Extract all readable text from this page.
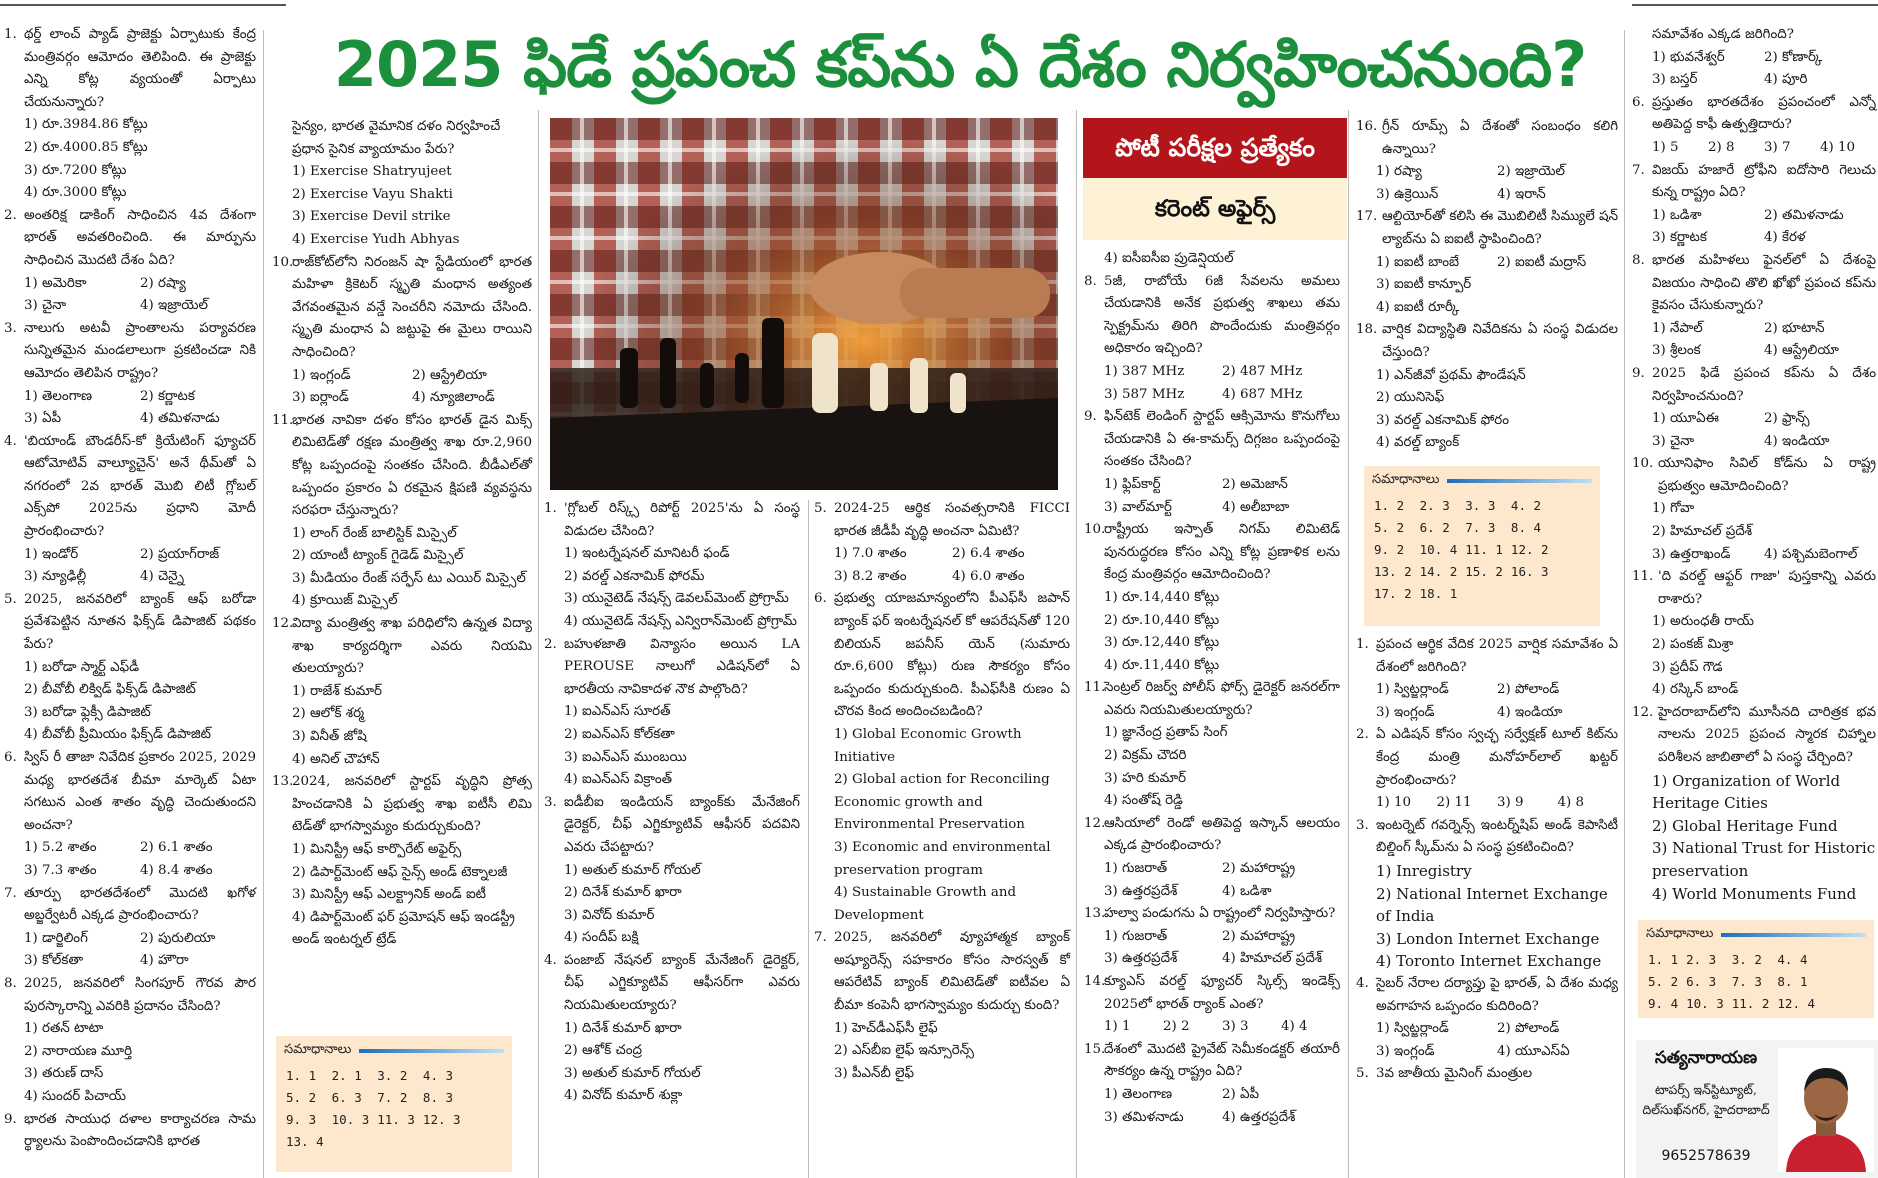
2025 ఫిడే ప్రపంచ కప్‌ను ఏ దేశం నిర్వహించనుంది?
పోటీ పరీక్షల ప్రత్యేకం
కరెంట్‌ అఫైర్స్‌
1. థర్డ్ లాంచ్ ప్యాడ్ ప్రాజెక్టు ఏర్పాటుకు కేంద్ర మంత్రివర్గం ఆమోదం తెలిపింది. ఈ ప్రాజెక్టు ఎన్ని కోట్ల వ్యయంతో ఏర్పాటు చేయనున్నారు?

1) రూ.3984.86 కోట్లు

2) రూ.4000.85 కోట్లు

3) రూ.7200 కోట్లు

4) రూ.3000 కోట్లు

2. అంతరిక్ష డాకింగ్ సాధించిన 4వ దేశంగా భారత్ అవతరించింది. ఈ మార్పును సాధించిన మొదటి దేశం ఏది?
1) అమెరికా	2) రష్యా
3) చైనా	4) ఇజ్రాయెల్
3. నాలుగు అటవీ ప్రాంతాలను పర్యావరణ సున్నితమైన మండలాలుగా ప్రకటించడా నికి ఆమోదం తెలిపిన రాష్ట్రం?
1) తెలంగాణ	2) కర్ణాటక
3) ఏపీ	4) తమిళనాడు
4. 'బియాండ్ బౌండరీస్-కో క్రియేటింగ్ ఫ్యూచర్ ఆటోమోటివ్ వాల్యూచైన్' అనే థీమ్‌తో ఏ నగరంలో 2వ భారత్ మొబి లిటీ గ్లోబల్ ఎక్స్‌పో 2025ను ప్రధాని మోదీ ప్రారంభించారు?
1) ఇండోర్	2) ప్రయాగ్‌రాజ్
3) న్యూఢిల్లీ	4) చెన్నై
5. 2025, జనవరిలో బ్యాంక్ ఆఫ్ బరోడా ప్రవేశపెట్టిన నూతన ఫిక్స్‌డ్ డిపాజిట్ పథకం పేరు?

1) బరోడా స్మార్ట్ ఎఫ్‌డీ

2) బీవోబీ లిక్విడ్ ఫిక్స్‌డ్ డిపాజిట్

3) బరోడా ఫ్లెక్సీ డిపాజిట్

4) బీవోబీ ప్రీమియం ఫిక్స్‌డ్ డిపాజిట్

6. స్విస్ రీ తాజా నివేదిక ప్రకారం 2025, 2029 మధ్య భారతదేశ బీమా మార్కెట్ ఏటా సగటున ఎంత శాతం వృద్ధి చెందుతుందని అంచనా?
1) 5.2 శాతం	2) 6.1 శాతం
3) 7.3 శాతం	4) 8.4 శాతం
7. తూర్పు భారతదేశంలో మొదటి ఖగోళ అబ్జర్వేటరీ ఎక్కడ ప్రారంభించారు?
1) డార్జిలింగ్	2) పురులియా
3) కోల్‌కతా	4) హౌరా
8. 2025, జనవరిలో సింగపూర్ గౌరవ పౌర పురస్కారాన్ని ఎవరికి ప్రదానం చేసింది?

1) రతన్ టాటా

2) నారాయణ మూర్తి

3) తరుణ్ దాస్

4) సుందర్ పిచాయ్

9. భారత సాయుధ దళాల కార్యాచరణ సామ ర్థ్యాలను పెంపొందించడానికి భారత

సైన్యం, భారత వైమానిక దళం నిర్వహించే ప్రధాన సైనిక వ్యాయామం పేరు?

1) Exercise Shatryujeet

2) Exercise Vayu Shakti

3) Exercise Devil strike

4) Exercise Yudh Abhyas

10.
రాజ్‌కోట్‌లోని నిరంజన్ షా స్టేడియంలో భారత మహిళా క్రికెటర్ స్మృతి మంధాన అత్యంత వేగవంతమైన వన్డే సెంచరీని నమోదు చేసింది. స్మృతి మంధాన ఏ జట్టుపై ఈ మైలు రాయిని సాధించింది?
1) ఇంగ్లండ్	2) ఆస్ట్రేలియా
3) ఐర్లాండ్	4) న్యూజిలాండ్
11.
భారత నావికా దళం కోసం భారత్ డైన మిక్స్ లిమిటెడ్‌తో రక్షణ మంత్రిత్వ శాఖ రూ.2,960 కోట్ల ఒప్పందంపై సంతకం చేసింది. బీడీఎల్‌తో ఒప్పందం ప్రకారం ఏ రకమైన క్షిపణి వ్యవస్థను సరఫరా చేస్తున్నారు?

1) లాంగ్ రేంజ్ బాలిస్టిక్ మిస్సైల్

2) యాంటీ ట్యాంక్ గైడెడ్ మిస్సైల్

3) మీడియం రేంజ్ సర్ఫేస్ టు ఎయిర్ మిస్సైల్

4) క్రూయిజ్ మిస్సైల్

12.
విద్యా మంత్రిత్వ శాఖ పరిధిలోని ఉన్నత విద్యా శాఖ కార్యదర్శిగా ఎవరు నియమి తులయ్యారు?

1) రాజేశ్ కుమార్

2) ఆలోక్ శర్మ

3) వినీత్ జోషి

4) అనిల్ చౌహాన్

13.
2024, జనవరిలో స్టార్టప్ వృద్ధిని ప్రోత్స హించడానికి ఏ ప్రభుత్వ శాఖ ఐటీసీ లిమి టెడ్‌తో భాగస్వామ్యం కుదుర్చుకుంది?

1) మినిస్ట్రీ ఆఫ్ కార్పొరేట్ అఫైర్స్

2) డిపార్ట్‌మెంట్ ఆఫ్ సైన్స్ అండ్ టెక్నాలజీ

3) మినిస్ట్రీ ఆఫ్ ఎలక్ట్రానిక్ అండ్ ఐటీ

4) డిపార్ట్‌మెంట్ ఫర్ ప్రమోషన్ ఆఫ్ ఇండస్ట్రీ అండ్ ఇంటర్నల్ ట్రేడ్

సమాధానాలు
1. 1	2. 1	3. 2	4. 3
5. 2	6. 3	7. 2	8. 3
9. 3	10. 3	11. 3	12. 3
13. 4			
1. 'గ్లోబల్ రిస్క్స్ రిపోర్ట్ 2025'ను ఏ సంస్థ విడుదల చేసింది?

1) ఇంటర్నేషనల్ మానిటరీ ఫండ్

2) వరల్డ్ ఎకనామిక్ ఫోరమ్

3) యునైటెడ్ నేషన్స్ డెవలప్‌మెంట్ ప్రోగ్రామ్

4) యునైటెడ్ నేషన్స్ ఎన్విరాన్‌మెంట్ ప్రోగ్రామ్

2. బహుళజాతి విన్యాసం అయిన LA PEROUSE నాలుగో ఎడిషన్‌లో ఏ భారతీయ నావికాదళ నౌక పాల్గొంది?

1) ఐఎన్ఎస్ సూరత్

2) ఐఎన్ఎస్ కోల్‌కతా

3) ఐఎన్ఎస్ ముంబయి

4) ఐఎన్ఎస్ విక్రాంత్

3. ఐడీబీఐ ఇండియన్ బ్యాంక్‌కు మేనేజింగ్ డైరెక్టర్, చీఫ్ ఎగ్జిక్యూటివ్ ఆఫీసర్ పదవిని ఎవరు చేపట్టారు?

1) అతుల్ కుమార్ గోయల్

2) దినేశ్ కుమార్ ఖారా

3) వినోద్ కుమార్

4) సందీప్ బక్షి

4. పంజాబ్ నేషనల్ బ్యాంక్ మేనేజింగ్ డైరెక్టర్, చీఫ్ ఎగ్జిక్యూటివ్ ఆఫీసర్‌గా ఎవరు నియమితులయ్యారు?

1) దినేశ్ కుమార్ ఖారా

2) ఆశోక్ చంద్ర

3) అతుల్ కుమార్ గోయల్

4) వినోద్ కుమార్ శుక్లా

5. 2024-25 ఆర్థిక సంవత్సరానికి FICCI భారత జీడీపీ వృద్ధి అంచనా ఏమిటి?
1) 7.0 శాతం	2) 6.4 శాతం
3) 8.2 శాతం	4) 6.0 శాతం
6. ప్రభుత్వ యాజమాన్యంలోని పీఎఫ్‌సీ జపాన్ బ్యాంక్ ఫర్ ఇంటర్నేషనల్ కో ఆపరేషన్‌తో 120 బిలియన్ జపనీస్ యెన్ (సుమారు రూ.6,600 కోట్లు) రుణ సౌకర్యం కోసం ఒప్పందం కుదుర్చుకుంది. పీఎఫ్‌సీకి రుణం ఏ చొరవ కింద అందించబడింది?

1) Global Economic Growth Initiative

2) Global action for Reconciling Economic growth and Environmental Preservation

3) Economic and environmental preservation program

4) Sustainable Growth and Development

7. 2025, జనవరిలో వ్యూహాత్మక బ్యాంక్ అష్యూరెన్స్ సహకారం కోసం సారస్వత్ కో ఆపరేటివ్ బ్యాంక్ లిమిటెడ్‌తో ఐటీవల ఏ బీమా కంపెనీ భాగస్వామ్యం కుదుర్చు కుంది?

1) హెచ్‌డీఎఫ్‌సీ లైఫ్

2) ఎస్‌బీఐ లైఫ్ ఇన్సూరెన్స్

3) పీఎన్‌బీ లైఫ్

4) ఐసీఐసీఐ ప్రుడెన్షియల్

8. 5జీ, రాబోయే 6జీ సేవలను అమలు చేయడానికి అనేక ప్రభుత్వ శాఖలు తమ స్పెక్ట్రమ్‌ను తిరిగి పొందేందుకు మంత్రివర్గం అధికారం ఇచ్చింది?
1) 387 MHz	2) 487 MHz
3) 587 MHz	4) 687 MHz
9. ఫిన్‌టెక్ లెండింగ్ స్టార్టప్ ఆక్సిమోను కొనుగోలు చేయడానికి ఏ ఈ-కామర్స్ దిగ్గజం ఒప్పందంపై సంతకం చేసింది?
1) ఫ్లిప్‌కార్ట్	2) అమెజాన్
3) వాల్‌మార్ట్	4) అలీబాబా
10.
రాష్ట్రీయ ఇస్పాత్ నిగమ్ లిమిటెడ్ పునరుద్ధరణ కోసం ఎన్ని కోట్ల ప్రణాళిక లను కేంద్ర మంత్రివర్గం ఆమోదించింది?

1) రూ.14,440 కోట్లు

2) రూ.10,440 కోట్లు

3) రూ.12,440 కోట్లు

4) రూ.11,440 కోట్లు

11.
సెంట్రల్ రిజర్వ్ పోలీస్ ఫోర్స్ డైరెక్టర్ జనరల్‌గా ఎవరు నియమితులయ్యారు?

1) జ్ఞానేంద్ర ప్రతాప్ సింగ్

2) విక్రమ్ చౌదరి

3) హరి కుమార్

4) సంతోష్ రెడ్డి

12.
ఆసియాలో రెండో అతిపెద్ద ఇస్కాన్ ఆలయం ఎక్కడ ప్రారంభించారు?
1) గుజరాత్	2) మహారాష్ట్ర
3) ఉత్తరప్రదేశ్	4) ఒడిశా
13.
హల్వా పండుగను ఏ రాష్ట్రంలో నిర్వహిస్తారు?
1) గుజరాత్	2) మహారాష్ట్ర
3) ఉత్తరప్రదేశ్	4) హిమాచల్ ప్రదేశ్
14.
క్యూఎస్ వరల్డ్ ఫ్యూచర్ స్కిల్స్ ఇండెక్స్ 2025లో భారత్ ర్యాంక్ ఎంత?
1) 1	2) 2	3) 3	4) 4
15.
దేశంలో మొదటి ప్రైవేట్ సెమీకండక్టర్ తయారీ సౌకర్యం ఉన్న రాష్ట్రం ఏది?
1) తెలంగాణ	2) ఏపీ
3) తమిళనాడు	4) ఉత్తరప్రదేశ్
16. గ్రీన్ రూమ్స్ ఏ దేశంతో సంబంధం కలిగి ఉన్నాయి?
1) రష్యా	2) ఇజ్రాయెల్
3) ఉక్రెయిన్	4) ఇరాన్
17. ఆల్టియోర్‌తో కలిసి ఈ మొబిలిటీ సిమ్యులే షన్ ల్యాబ్‌ను ఏ ఐఐటీ స్థాపించింది?
1) ఐఐటీ బాంబే	2) ఐఐటీ మద్రాస్

3) ఐఐటీ కాన్పూర్

4) ఐఐటీ రూర్కీ

18. వార్షిక విద్యాస్థితి నివేదికను ఏ సంస్థ విడుదల చేస్తుంది?

1) ఎన్‌జీవో ప్రథమ్ ఫౌండేషన్

2) యునిసెఫ్

3) వరల్డ్ ఎకనామిక్ ఫోరం

4) వరల్డ్ బ్యాంక్

సమాధానాలు
1. 2	2. 3	3. 3	4. 2
5. 2	6. 2	7. 3	8. 4
9. 2	10. 4	11. 1	12. 2
13. 2	14. 2	15. 2	16. 3
17. 2	18. 1		
1. ప్రపంచ ఆర్థిక వేదిక 2025 వార్షిక సమావేశం ఏ దేశంలో జరిగింది?
1) స్విట్జర్లాండ్	2) పోలాండ్
3) ఇంగ్లండ్	4) ఇండియా
2. ఏ ఎడిషన్ కోసం స్వచ్ఛ సర్వేక్షణ్ టూల్ కిట్‌ను కేంద్ర మంత్రి మనోహర్‌లాల్ ఖట్టర్ ప్రారంభించారు?
1) 10	2) 11	3) 9	4) 8
3. ఇంటర్నెట్ గవర్నెన్స్ ఇంటర్న్‌షిప్ అండ్ కెపాసిటీ బిల్డింగ్ స్కీమ్‌ను ఏ సంస్థ ప్రకటించింది?

1) Inregistry

2) National Internet Exchange of India

3) London Internet Exchange

4) Toronto Internet Exchange

4. సైబర్ నేరాల దర్యాప్తు పై భారత్, ఏ దేశం మధ్య అవగాహన ఒప్పందం కుదిరింది?
1) స్విట్జర్లాండ్	2) పోలాండ్
3) ఇంగ్లండ్	4) యూఎస్ఏ
5. 3వ జాతీయ మైనింగ్ మంత్రుల

సమావేశం ఎక్కడ జరిగింది?

1) భువనేశ్వర్	2) కోణార్క్
3) బస్తర్	4) పూరి
6. ప్రస్తుతం భారతదేశం ప్రపంచంలో ఎన్నో అతిపెద్ద కాఫీ ఉత్పత్తిదారు?
1) 5	2) 8	3) 7	4) 10
7. విజయ్ హజారే ట్రోఫీని ఐదోసారి గెలుచు కున్న రాష్ట్రం ఏది?
1) ఒడిశా	2) తమిళనాడు
3) కర్ణాటక	4) కేరళ
8. భారత మహిళలు ఫైనల్‌లో ఏ దేశంపై విజయం సాధించి తొలి ఖోఖో ప్రపంచ కప్‌ను కైవసం చేసుకున్నారు?
1) నేపాల్	2) భూటాన్
3) శ్రీలంక	4) ఆస్ట్రేలియా
9. 2025 ఫిడే ప్రపంచ కప్‌ను ఏ దేశం నిర్వహించనుంది?
1) యూఏఈ	2) ఫ్రాన్స్
3) చైనా	4) ఇండియా
10. యూనిఫాం సివిల్ కోడ్‌ను ఏ రాష్ట్ర ప్రభుత్వం ఆమోదించింది?

1) గోవా

2) హిమాచల్ ప్రదేశ్

3) ఉత్తరాఖండ్	4) పశ్చిమబెంగాల్
11. 'ది వరల్డ్ ఆఫ్టర్ గాజా' పుస్తకాన్ని ఎవరు రాశారు?

1) అరుంధతీ రాయ్

2) పంకజ్ మిశ్రా

3) ప్రదీప్ గౌడ

4) రస్కిన్ బాండ్

12. హైదరాబాద్‌లోని మూసీనది చారిత్రక భవ నాలను 2025 ప్రపంచ స్మారక చిహ్నాల పరిశీలన జాబితాలో ఏ సంస్థ చేర్చింది?

1) Organization of World Heritage Cities

2) Global Heritage Fund

3) National Trust for Historic preservation

4) World Monuments Fund

సమాధానాలు
1. 1	2. 3	3. 2	4. 4
5. 2	6. 3	7. 3	8. 1
9. 4	10. 3	11. 2	12. 4
సత్యనారాయణ
టాపర్స్ ఇన్‌స్టిట్యూట్, దిల్‌సుఖ్‌నగర్, హైదరాబాద్
9652578639
